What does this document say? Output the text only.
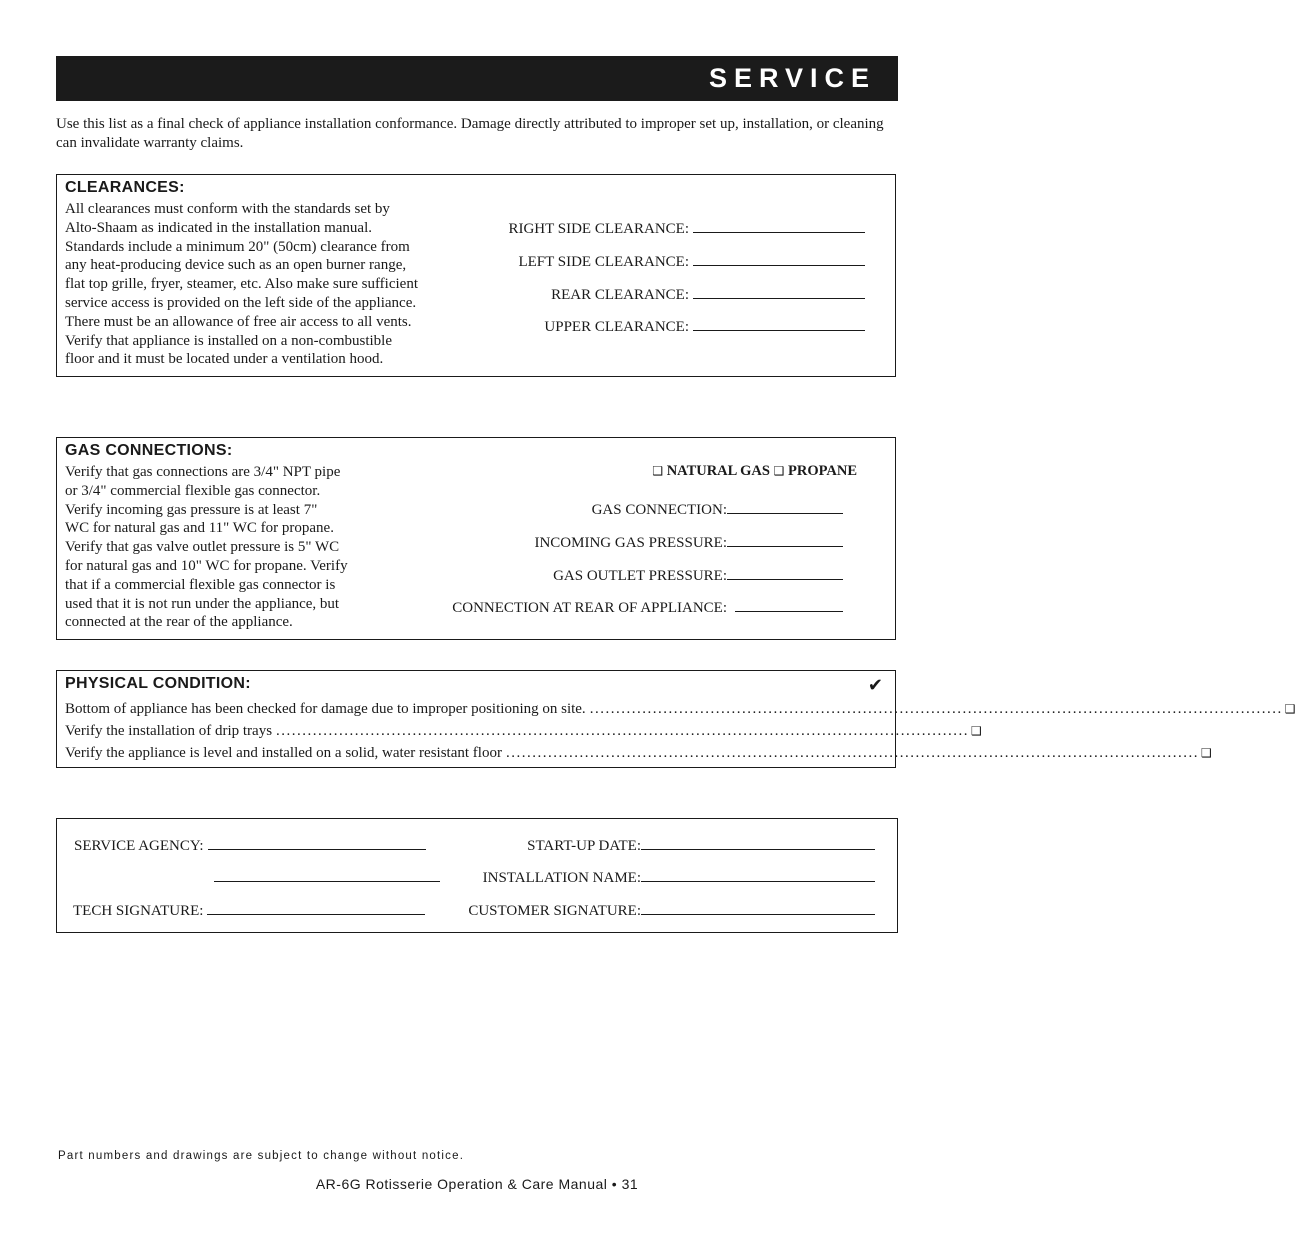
SERVICE
Use this list as a final check of appliance installation conformance. Damage directly attributed to improper set up, installation, or cleaning can invalidate warranty claims.
CLEARANCES:
All clearances must conform with the standards set by
Alto-Shaam as indicated in the installation manual.
Standards include a minimum 20" (50cm) clearance from
any heat-producing device such as an open burner range,
flat top grille, fryer, steamer, etc. Also make sure sufficient
service access is provided on the left side of the appliance.
There must be an allowance of free air access to all vents.
Verify that appliance is installed on a non-combustible
floor and it must be located under a ventilation hood.
RIGHT SIDE CLEARANCE:
LEFT SIDE CLEARANCE:
REAR CLEARANCE:
UPPER CLEARANCE:
GAS CONNECTIONS:
Verify that gas connections are 3/4" NPT pipe
or 3/4" commercial flexible gas connector.
Verify incoming gas pressure is at least 7"
WC for natural gas and 11" WC for propane.
Verify that gas valve outlet pressure is 5" WC
for natural gas and 10" WC for propane. Verify
that if a commercial flexible gas connector is
used that it is not run under the appliance, but
connected at the rear of the appliance.
❑ NATURAL GAS ❑ PROPANE
GAS CONNECTION:
INCOMING GAS PRESSURE:
GAS OUTLET PRESSURE:
CONNECTION AT REAR OF APPLIANCE:
PHYSICAL CONDITION:	✔
Bottom of appliance has been checked for damage due to improper positioning on site. .................................................................................................................................... ❑
Verify the installation of drip trays .................................................................................................................................... ❑
Verify the appliance is level and installed on a solid, water resistant floor .................................................................................................................................... ❑
SERVICE AGENCY:
TECH SIGNATURE:
START-UP DATE:
INSTALLATION NAME:
CUSTOMER SIGNATURE:
Part numbers and drawings are subject to change without notice.
AR-6G Rotisserie Operation & Care Manual • 31
